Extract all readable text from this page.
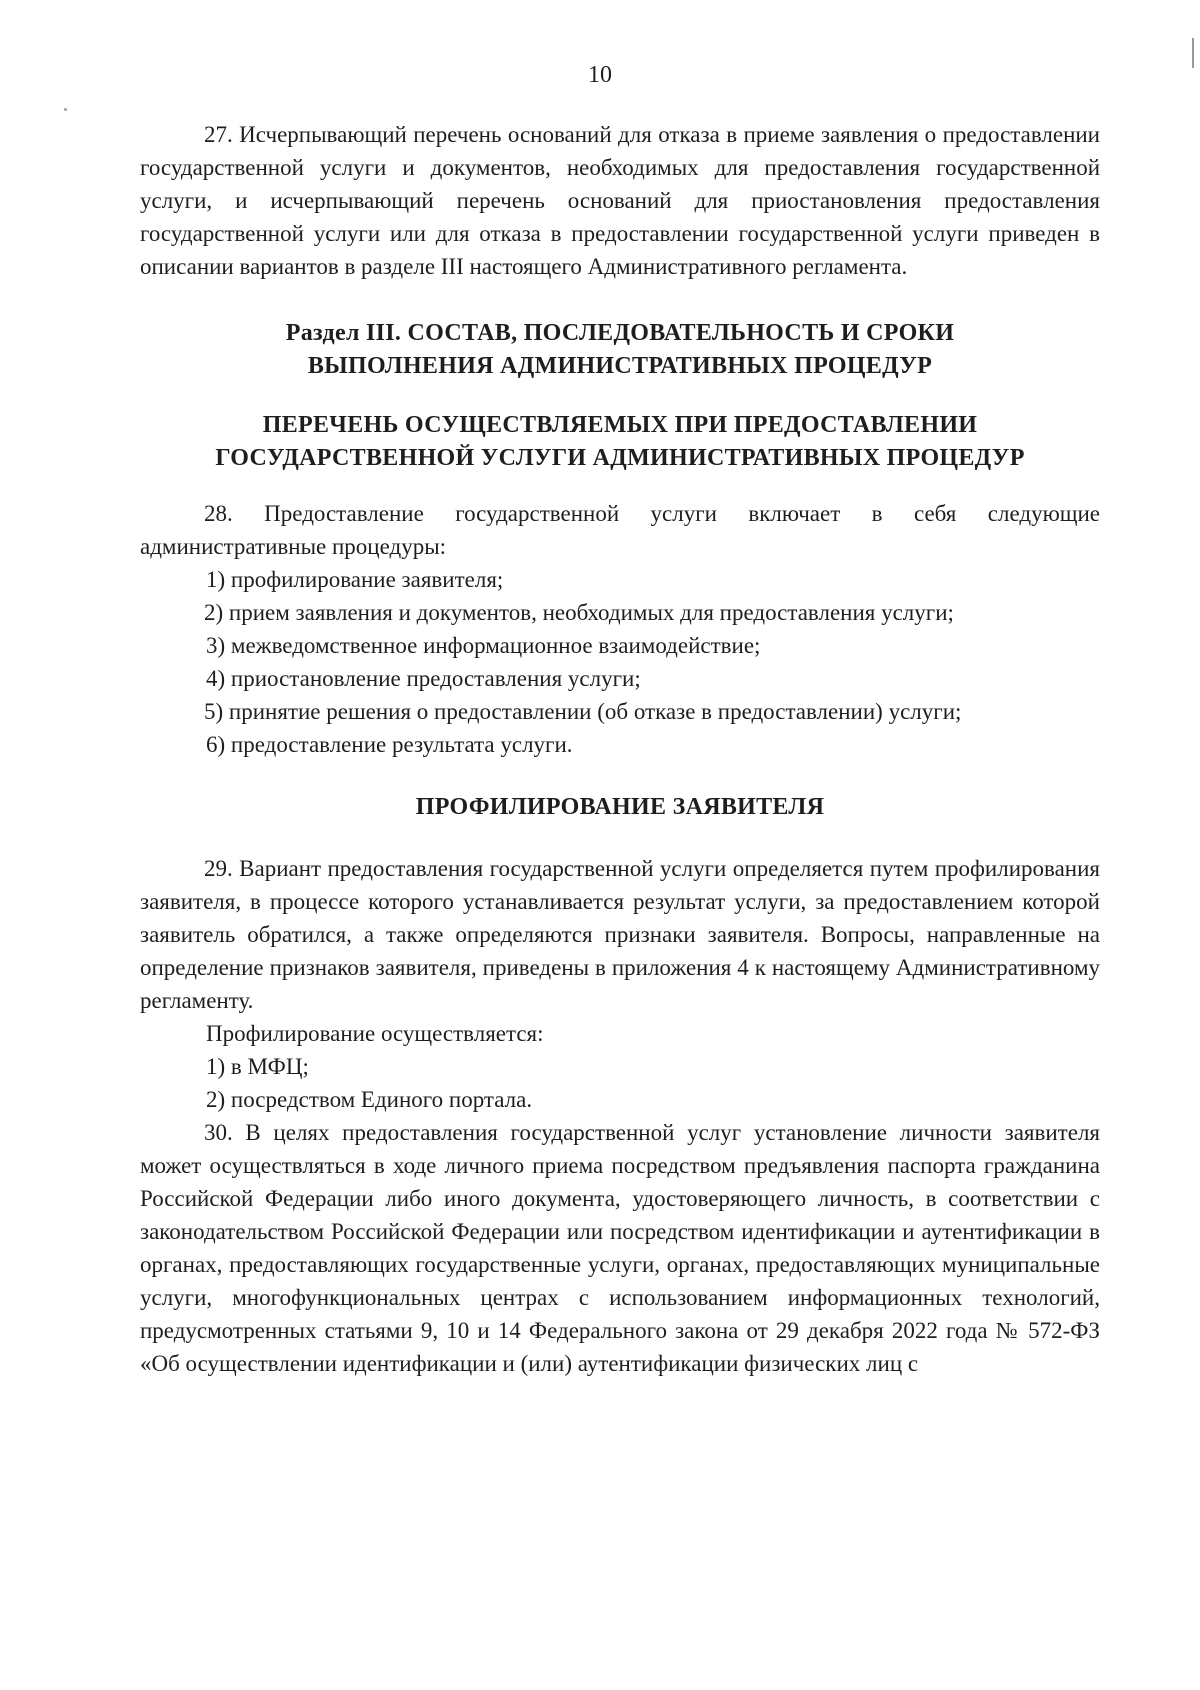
10

27. Исчерпывающий перечень оснований для отказа в приеме заявления о предоставлении государственной услуги и документов, необходимых для предоставления государственной услуги, и исчерпывающий перечень оснований для приостановления предоставления государственной услуги или для отказа в предоставлении государственной услуги приведен в описании вариантов в разделе III настоящего Административного регламента.

Раздел III. СОСТАВ, ПОСЛЕДОВАТЕЛЬНОСТЬ И СРОКИ
ВЫПОЛНЕНИЯ АДМИНИСТРАТИВНЫХ ПРОЦЕДУР
ПЕРЕЧЕНЬ ОСУЩЕСТВЛЯЕМЫХ ПРИ ПРЕДОСТАВЛЕНИИ
ГОСУДАРСТВЕННОЙ УСЛУГИ АДМИНИСТРАТИВНЫХ ПРОЦЕДУР

28. Предоставление государственной услуги включает в себя следующие административные процедуры:

1) профилирование заявителя;

2) прием заявления и документов, необходимых для предоставления услуги;

3) межведомственное информационное взаимодействие;

4) приостановление предоставления услуги;

5) принятие решения о предоставлении (об отказе в предоставлении) услуги;

6) предоставление результата услуги.

ПРОФИЛИРОВАНИЕ ЗАЯВИТЕЛЯ

29. Вариант предоставления государственной услуги определяется путем профилирования заявителя, в процессе которого устанавливается результат услуги, за предоставлением которой заявитель обратился, а также определяются признаки заявителя. Вопросы, направленные на определение признаков заявителя, приведены в приложения 4 к настоящему Административному регламенту.

Профилирование осуществляется:

1) в МФЦ;

2) посредством Единого портала.

30. В целях предоставления государственной услуг установление личности заявителя может осуществляться в ходе личного приема посредством предъявления паспорта гражданина Российской Федерации либо иного документа, удостоверяющего личность, в соответствии с законодательством Российской Федерации или посредством идентификации и аутентификации в органах, предоставляющих государственные услуги, органах, предоставляющих муниципальные услуги, многофункциональных центрах с использованием информационных технологий, предусмотренных статьями 9, 10 и 14 Федерального закона от 29 декабря 2022 года № 572-ФЗ «Об осуществлении идентификации и (или) аутентификации физических лиц с
